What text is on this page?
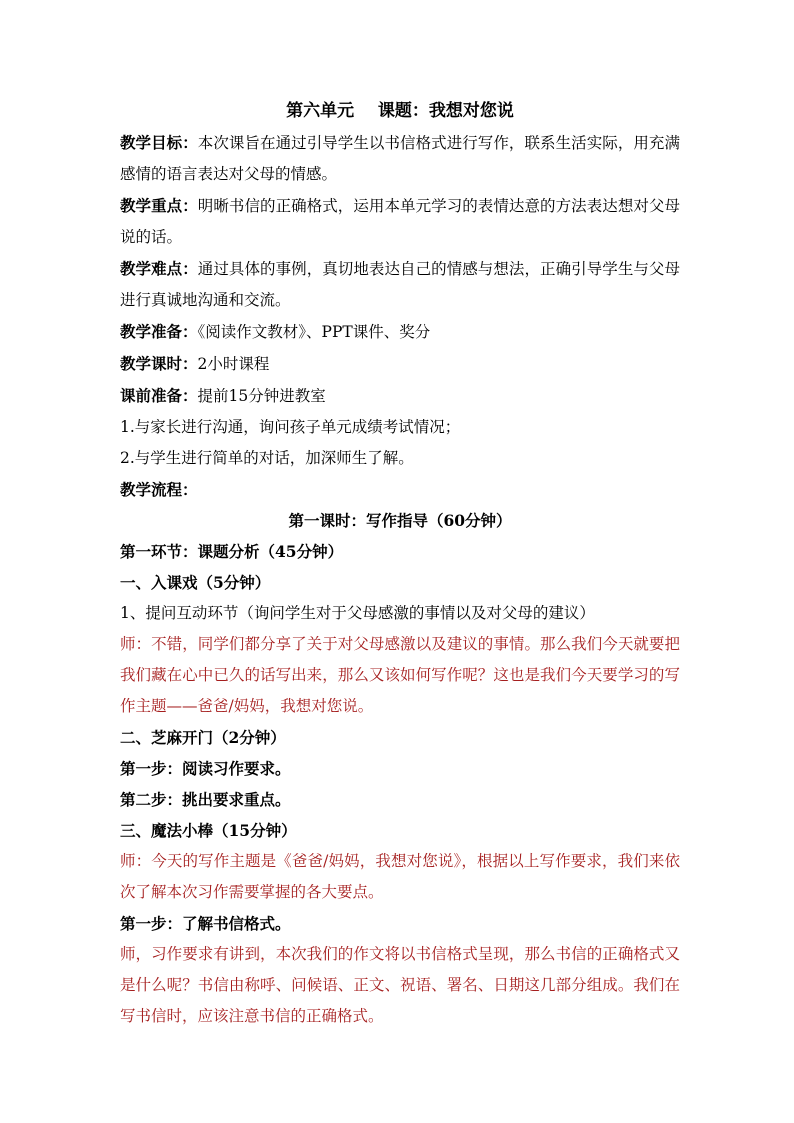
第六单元    课题：我想对您说

教学目标：本次课旨在通过引导学生以书信格式进行写作，联系生活实际，用充满感情的语言表达对父母的情感。

教学重点：明晰书信的正确格式，运用本单元学习的表情达意的方法表达想对父母说的话。

教学难点：通过具体的事例，真切地表达自己的情感与想法，正确引导学生与父母进行真诚地沟通和交流。

教学准备：《阅读作文教材》、PPT课件、奖分

教学课时：2小时课程

课前准备：提前15分钟进教室

1.与家长进行沟通，询问孩子单元成绩考试情况；

2.与学生进行简单的对话，加深师生了解。

教学流程：

第一课时：写作指导（60分钟）

第一环节：课题分析（45分钟）

一、入课戏（5分钟）

1、提问互动环节（询问学生对于父母感激的事情以及对父母的建议）

师：不错，同学们都分享了关于对父母感激以及建议的事情。那么我们今天就要把我们藏在心中已久的话写出来，那么又该如何写作呢？这也是我们今天要学习的写作主题——爸爸/妈妈，我想对您说。

二、芝麻开门（2分钟）

第一步：阅读习作要求。

第二步：挑出要求重点。

三、魔法小棒（15分钟）

师：今天的写作主题是《爸爸/妈妈，我想对您说》，根据以上写作要求，我们来依次了解本次习作需要掌握的各大要点。

第一步：了解书信格式。

师，习作要求有讲到，本次我们的作文将以书信格式呈现，那么书信的正确格式又是什么呢？书信由称呼、问候语、正文、祝语、署名、日期这几部分组成。我们在写书信时，应该注意书信的正确格式。
